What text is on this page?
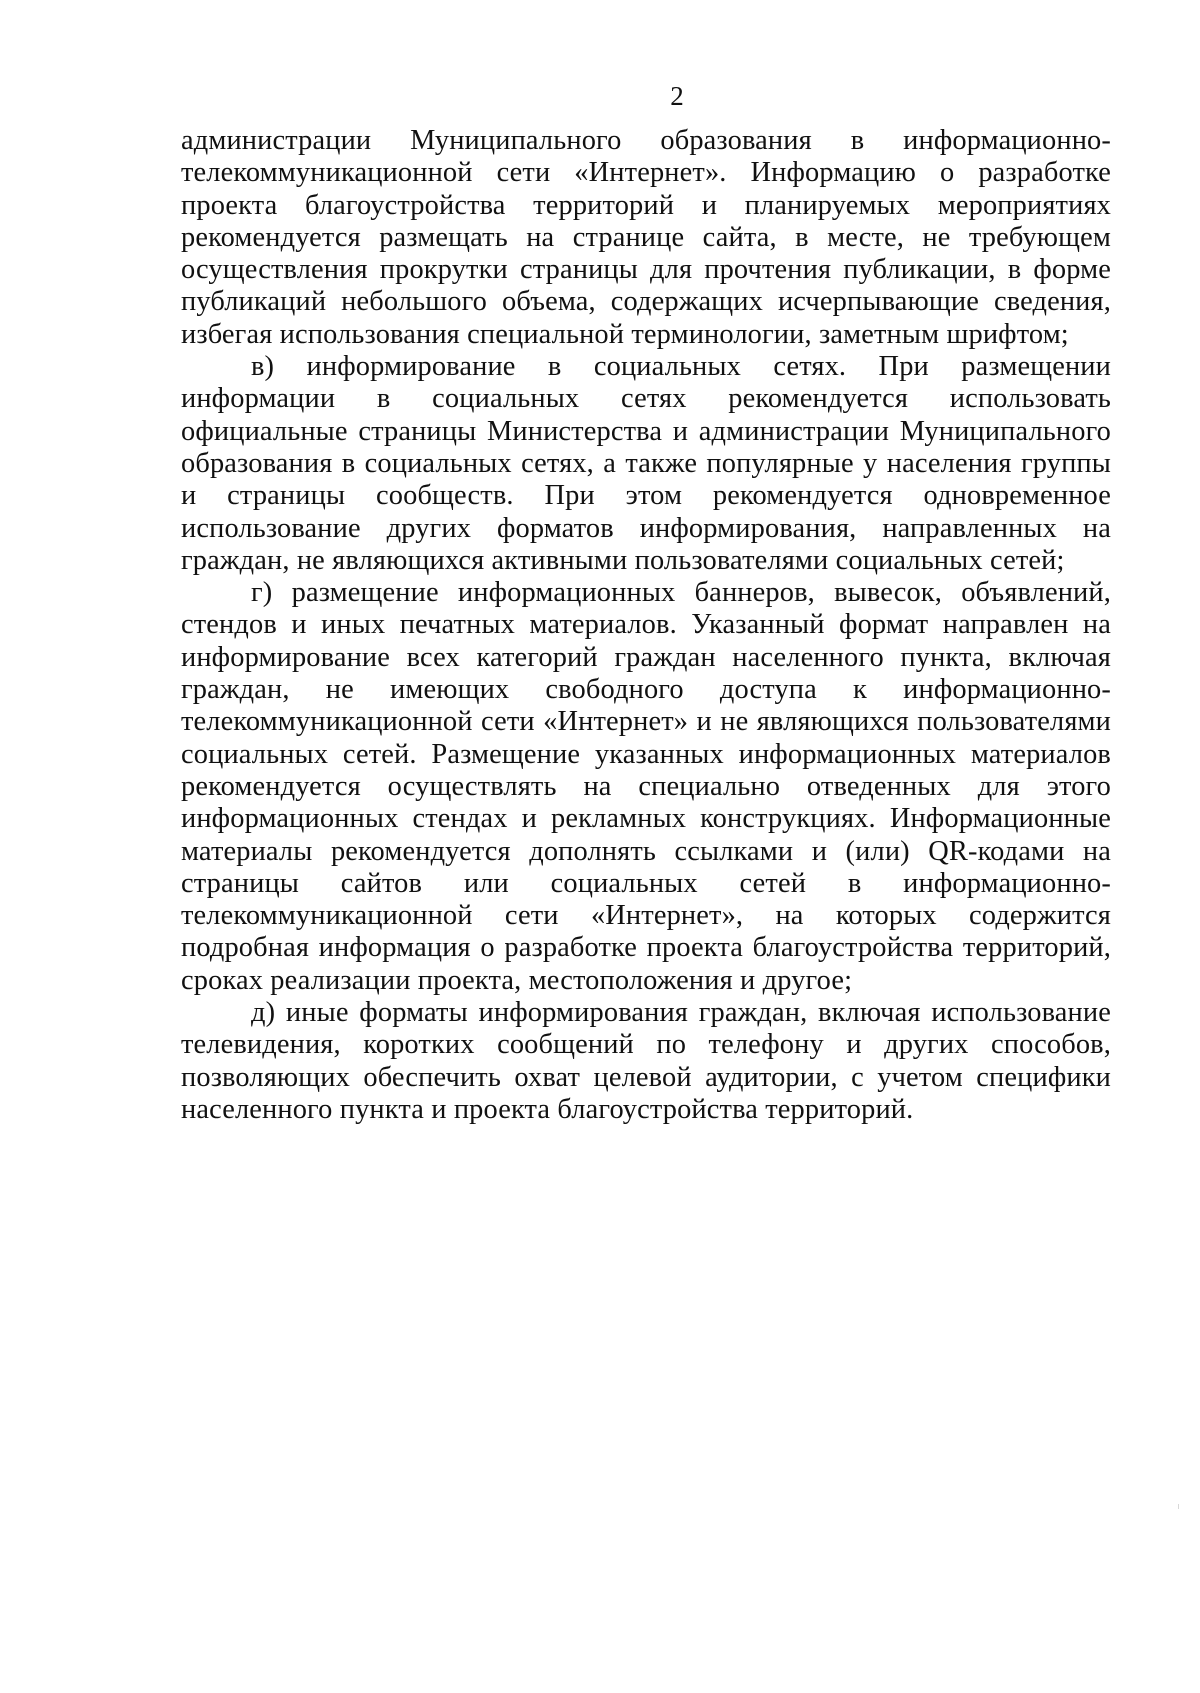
2

администрации Муниципального образования в информационно-телекоммуникационной сети «Интернет». Информацию о разработке проекта благоустройства территорий и планируемых мероприятиях рекомендуется размещать на странице сайта, в месте, не требующем осуществления прокрутки страницы для прочтения публикации, в форме публикаций небольшого объема, содержащих исчерпывающие сведения, избегая использования специальной терминологии, заметным шрифтом;

в) информирование в социальных сетях. При размещении информации в социальных сетях рекомендуется использовать официальные страницы Министерства и администрации Муниципального образования в социальных сетях, а также популярные у населения группы и страницы сообществ. При этом рекомендуется одновременное использование других форматов информирования, направленных на граждан, не являющихся активными пользователями социальных сетей;

г) размещение информационных баннеров, вывесок, объявлений, стендов и иных печатных материалов. Указанный формат направлен на информирование всех категорий граждан населенного пункта, включая граждан, не имеющих свободного доступа к информационно-телекоммуникационной сети «Интернет» и не являющихся пользователями социальных сетей. Размещение указанных информационных материалов рекомендуется осуществлять на специально отведенных для этого информационных стендах и рекламных конструкциях. Информационные материалы рекомендуется дополнять ссылками и (или) QR-кодами на страницы сайтов или социальных сетей в информационно-телекоммуникационной сети «Интернет», на которых содержится подробная информация о разработке проекта благоустройства территорий, сроках реализации проекта, местоположения и другое;

д) иные форматы информирования граждан, включая использование телевидения, коротких сообщений по телефону и других способов, позволяющих обеспечить охват целевой аудитории, с учетом специфики населенного пункта и проекта благоустройства территорий.
